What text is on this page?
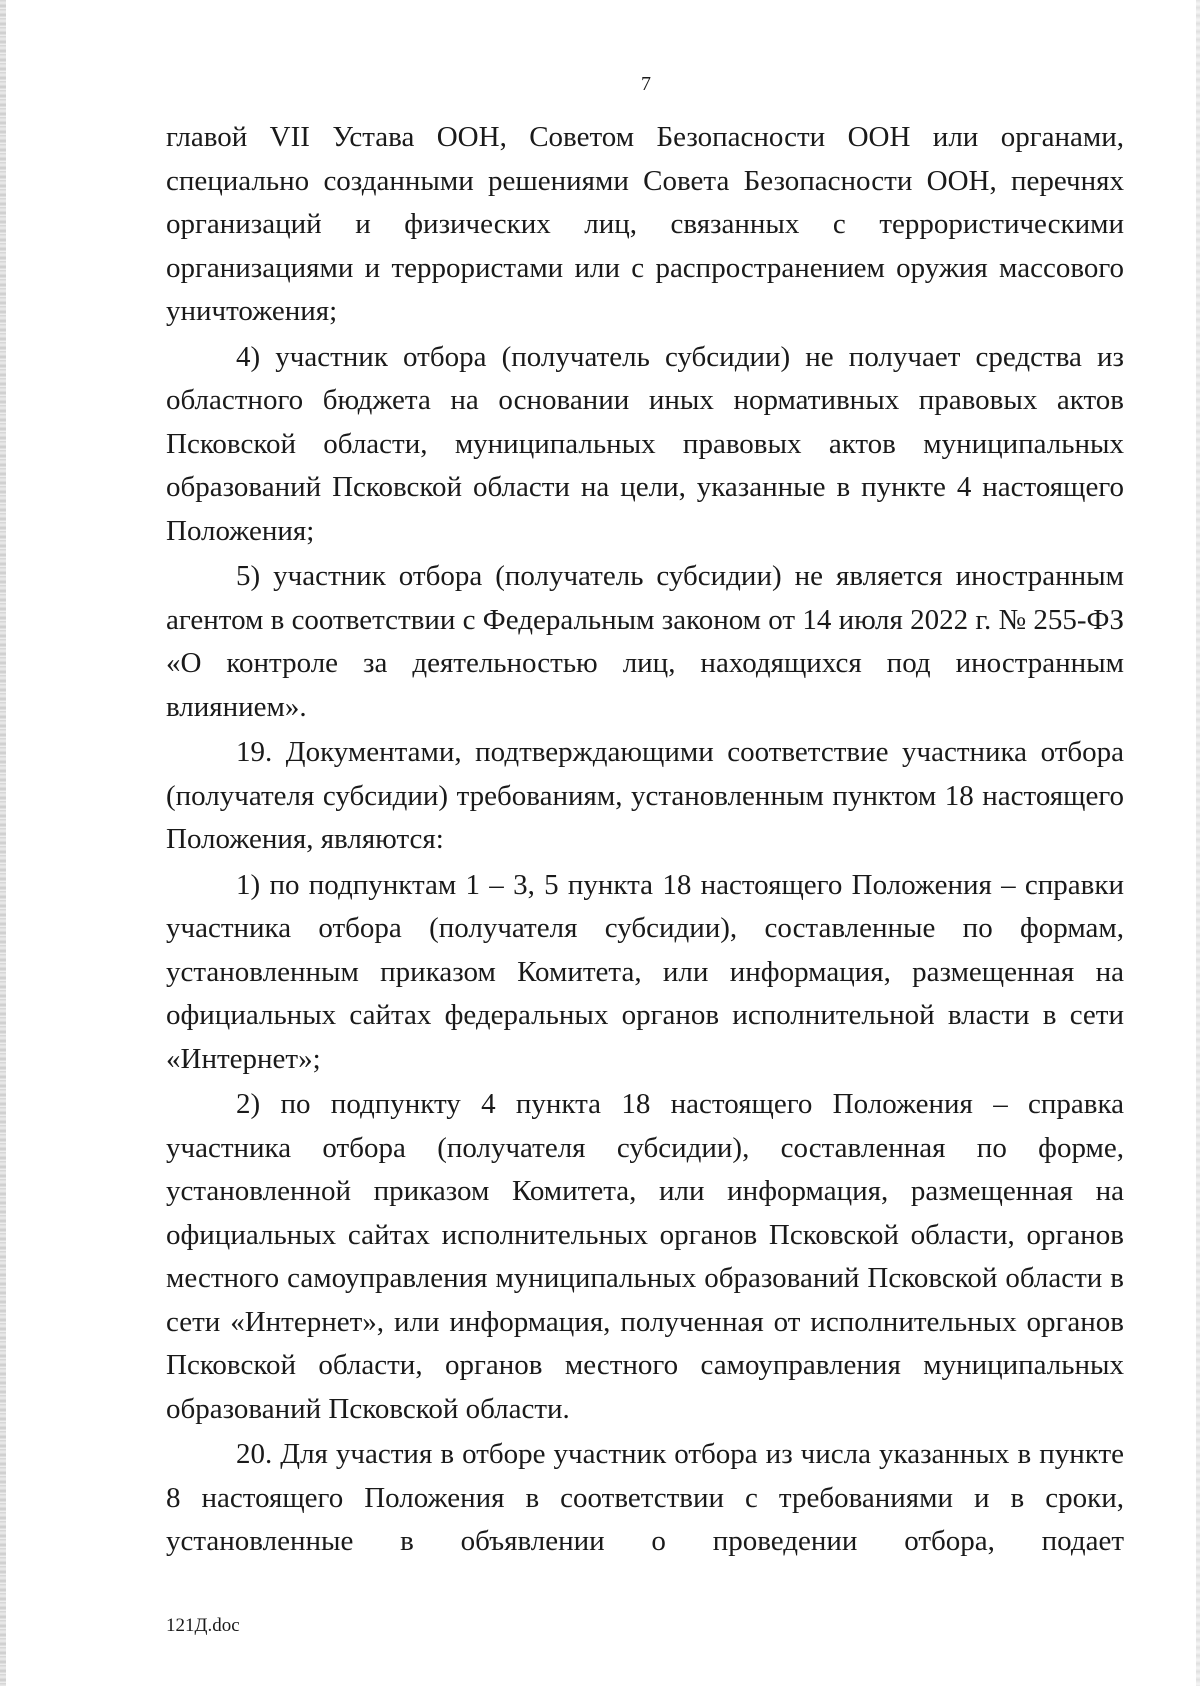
7

главой VII Устава ООН, Советом Безопасности ООН или органами, специально созданными решениями Совета Безопасности ООН, перечнях организаций и физических лиц, связанных с террористическими организациями и террористами или с распространением оружия массового уничтожения;

4) участник отбора (получатель субсидии) не получает средства из областного бюджета на основании иных нормативных правовых актов Псковской области, муниципальных правовых актов муниципальных образований Псковской области на цели, указанные в пункте 4 настоящего Положения;

5) участник отбора (получатель субсидии) не является иностранным агентом в соответствии с Федеральным законом от 14 июля 2022 г. № 255-ФЗ «О контроле за деятельностью лиц, находящихся под иностранным влиянием».

19. Документами, подтверждающими соответствие участника отбора (получателя субсидии) требованиям, установленным пунктом 18 настоящего Положения, являются:

1) по подпунктам 1 – 3, 5 пункта 18 настоящего Положения – справки участника отбора (получателя субсидии), составленные по формам, установленным приказом Комитета, или информация, размещенная на официальных сайтах федеральных органов исполнительной власти в сети «Интернет»;

2) по подпункту 4 пункта 18 настоящего Положения – справка участника отбора (получателя субсидии), составленная по форме, установленной приказом Комитета, или информация, размещенная на официальных сайтах исполнительных органов Псковской области, органов местного самоуправления муниципальных образований Псковской области в сети «Интернет», или информация, полученная от исполнительных органов Псковской области, органов местного самоуправления муниципальных образований Псковской области.

20. Для участия в отборе участник отбора из числа указанных в пункте 8 настоящего Положения в соответствии с требованиями и в сроки, установленные в объявлении о проведении отбора, подает

121Д.doc
